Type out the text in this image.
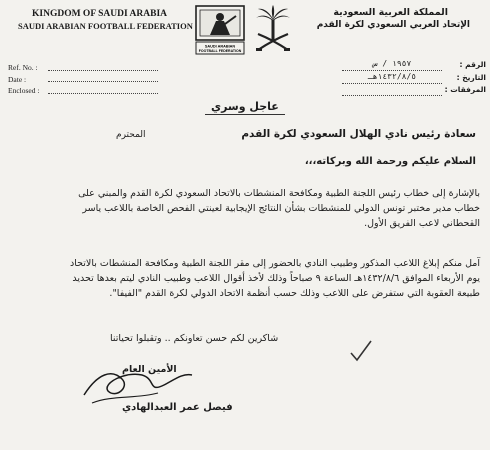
KINGDOM OF SAUDI ARABIA
SAUDI ARABIAN FOOTBALL FEDERATION
SAUDI ARABIAN
FOOTBALL FEDERATION
المملكة العربية السعودية
الإتحاد العربي السعودي لكرة القدم
Ref. No. :
Date :
Enclosed :
الرقم :
١٩٥٧ / س
التاريخ :
١٤٣٢/٨/٥هـ
المرفقات :
عاجل وسري
سعادة رئيس نادي الهلال السعودي لكرة القدم
المحترم
السلام عليكم ورحمة الله وبركاته،،،
بالإشارة إلى خطاب رئيس اللجنة الطبية ومكافحة المنشطات بالاتحاد السعودي لكرة القدم والمبني على خطاب مدير مختبر تونس الدولي للمنشطات بشأن النتائج الإيجابية لعينتي الفحص الخاصة باللاعب ياسر القحطاني لاعب الفريق الأول.
آمل منكم إبلاغ اللاعب المذكور وطبيب النادي بالحضور إلى مقر اللجنة الطبية ومكافحة المنشطات بالاتحاد يوم الأربعاء الموافق ١٤٣٢/٨/٦هـ الساعة ٩ صباحاً وذلك لأخذ أقوال اللاعب وطبيب النادي ليتم بعدها تحديد طبيعة العقوبة التي ستفرض على اللاعب وذلك حسب أنظمة الاتحاد الدولي لكرة القدم "الفيفا".
شاكرين لكم حسن تعاونكم .. وتقبلوا تحياتنا
الأمين العام
فيصل عمر العبدالهادي
